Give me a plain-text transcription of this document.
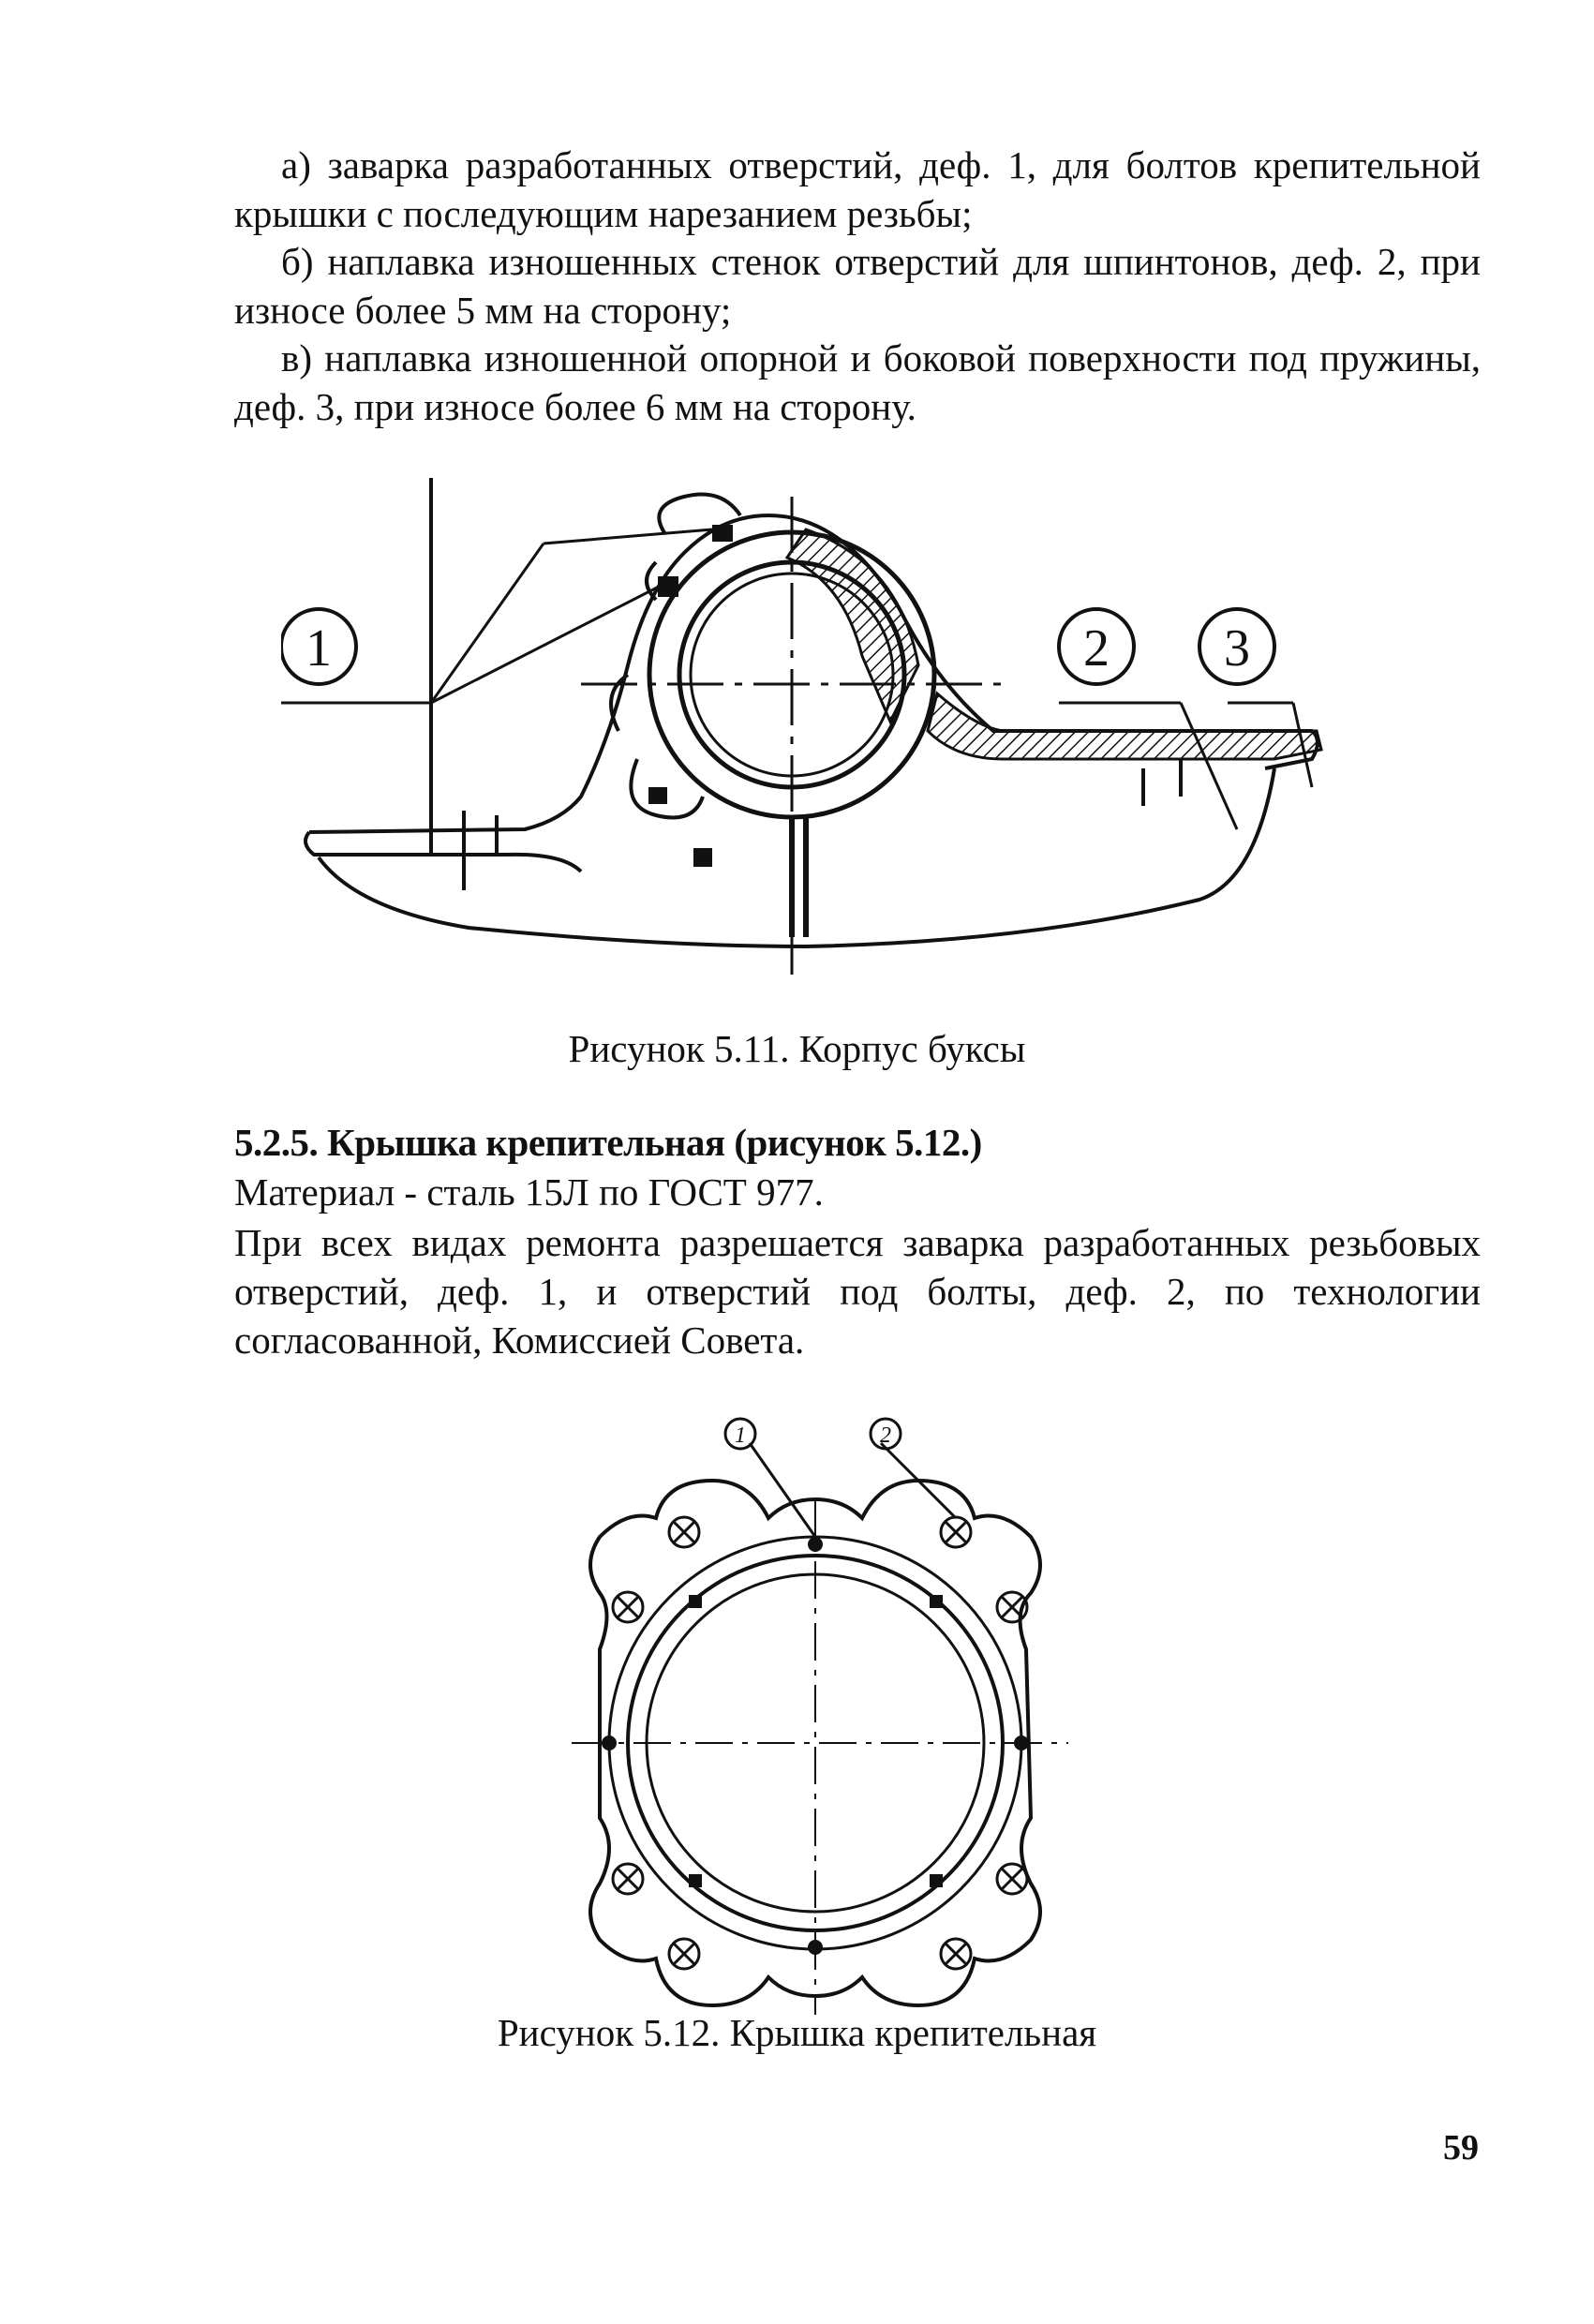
а) заварка разработанных отверстий, деф. 1, для болтов крепительной крышки с последующим нарезанием резьбы;

б) наплавка изношенных стенок отверстий для шпинтонов, деф. 2, при износе более 5 мм на сторону;

в) наплавка изношенной опорной и боковой поверхности под пружины, деф. 3, при износе более 6 мм на сторону.

1	2 3

Рисунок 5.11. Корпус буксы

5.2.5. Крышка крепительная (рисунок 5.12.)

Материал - сталь 15Л по ГОСТ 977.

При всех видах ремонта разрешается заварка разработанных резьбовых отверстий, деф. 1, и отверстий под болты, деф. 2, по технологии согласованной, Комиссией Совета.

1	2

Рисунок 5.12. Крышка крепительная

59
